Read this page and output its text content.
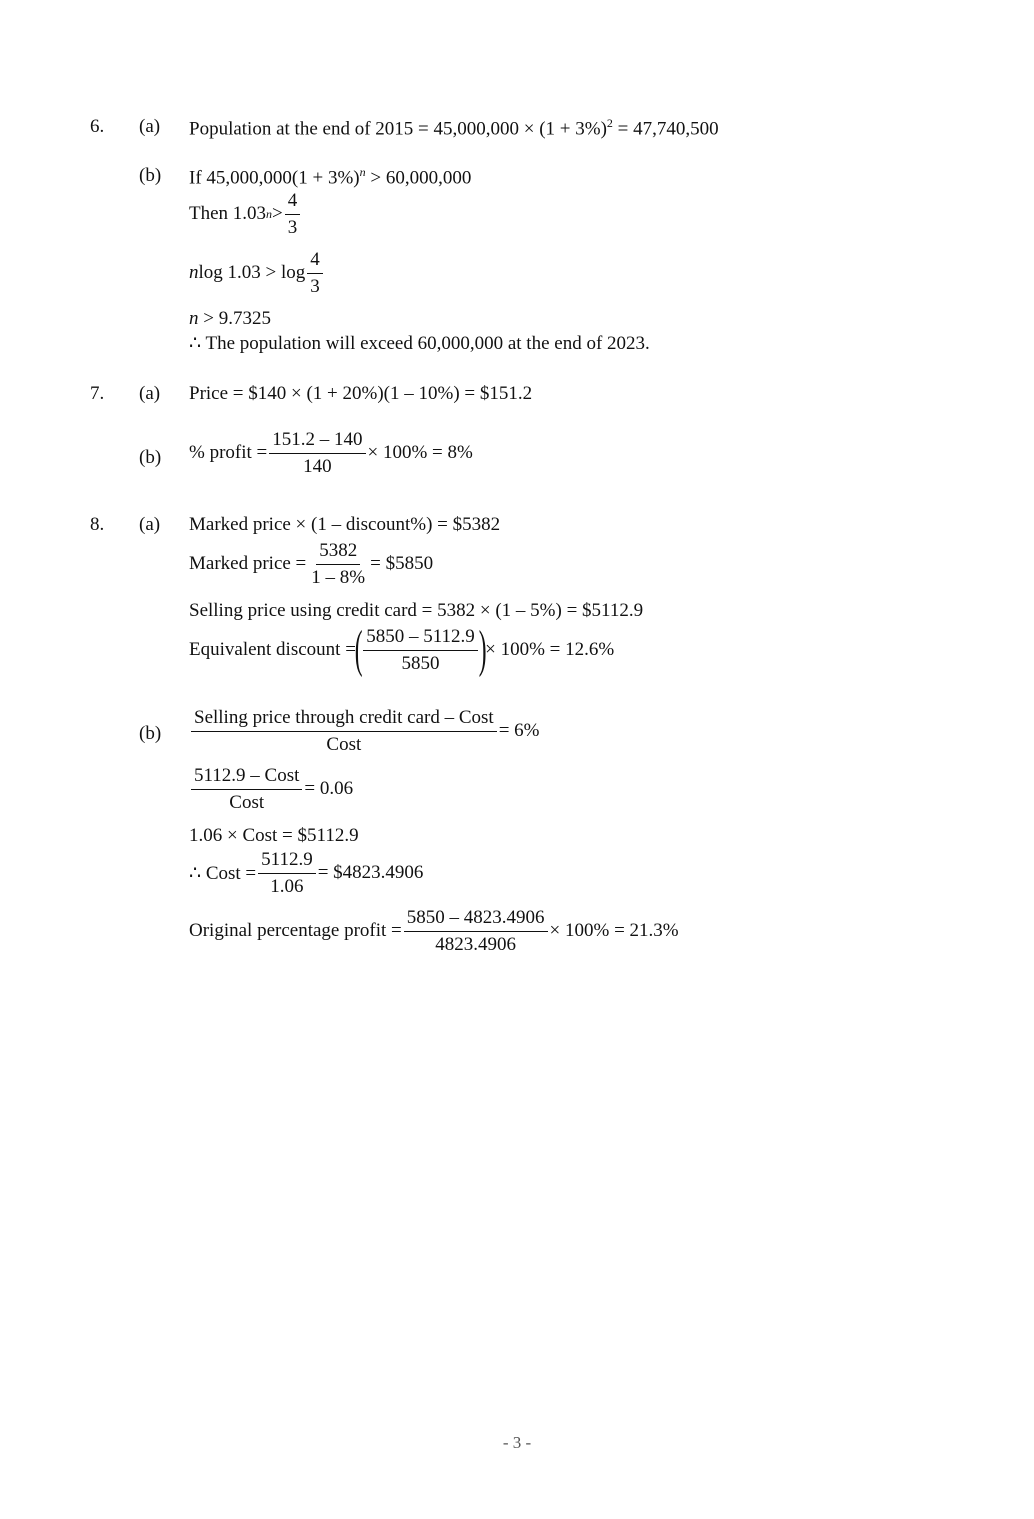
6. (a) Population at the end of $2015 = 45,000,000 \times (1 + 3\%)^2 = 47,740,500$
(b) If $45,000,000(1 + 3\%)^n > 60,000,000$
Then 1.03 $n > \frac{4}{3}$
n $\log 1.03 > \log \frac{4}{3}$
n > 9.7325
∴ The population will exceed 60,000,000 at the end of 2023.
7. (a) Price = $140 × (1 + 20%)(1 – 10%) = $151.2
(b) % profit = $\frac{151.2 - 140}{140} \times 100\% = 8\%$
8. (a) Marked price × (1 – discount%) = $5382
Marked price = $\frac{5382}{1 - 8\%}$ = $5850
Selling price using credit card = 5382 × (1 – 5%) = $5112.9
Equivalent discount =
( $\frac{5850 - 5112.9}{5850}$ )
× 100% = 12.6%
$(b) \frac{\text{Selling price through credit card – Cost}}{\text{Cost}} = 6\%$
$\frac{\text{5112.9 – Cost}}{\text{Cost}} = 0.06$
1.06 × Cost = $5112.9
∴ Cost = $\frac{5112.9}{1.06}$ = $4823.4906
Original percentage profit = $\frac{5850 - 4823.4906}{4823.4906} \times 100\% = 21.3\%$
- 3 -
